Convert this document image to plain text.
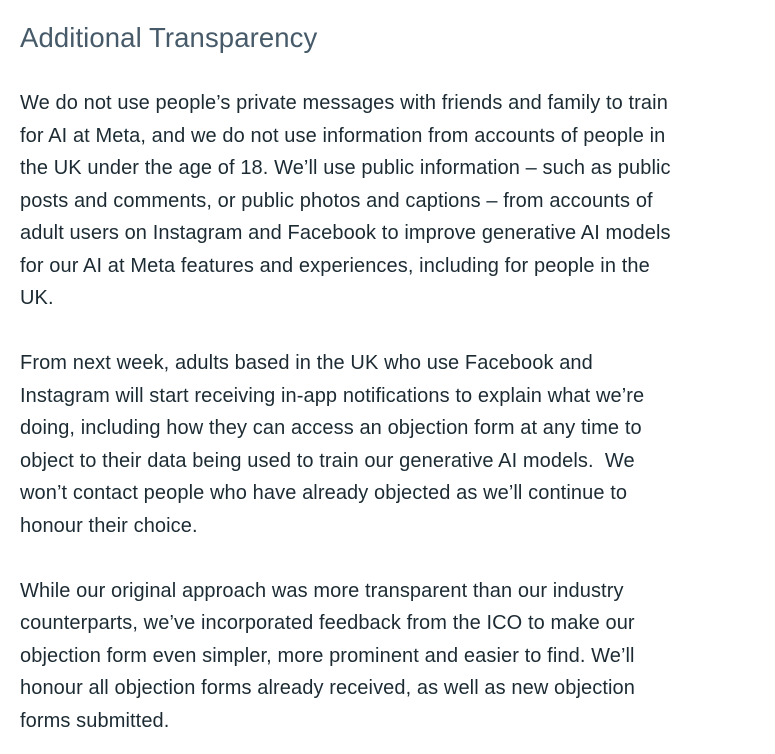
Additional Transparency

We do not use people’s private messages with friends and family to train
for AI at Meta, and we do not use information from accounts of people in
the UK under the age of 18. We’ll use public information – such as public
posts and comments, or public photos and captions – from accounts of
adult users on Instagram and Facebook to improve generative AI models
for our AI at Meta features and experiences, including for people in the
UK.

From next week, adults based in the UK who use Facebook and
Instagram will start receiving in-app notifications to explain what we’re
doing, including how they can access an objection form at any time to
object to their data being used to train our generative AI models.  We
won’t contact people who have already objected as we’ll continue to
honour their choice.

While our original approach was more transparent than our industry
counterparts, we’ve incorporated feedback from the ICO to make our
objection form even simpler, more prominent and easier to find. We’ll
honour all objection forms already received, as well as new objection
forms submitted.
